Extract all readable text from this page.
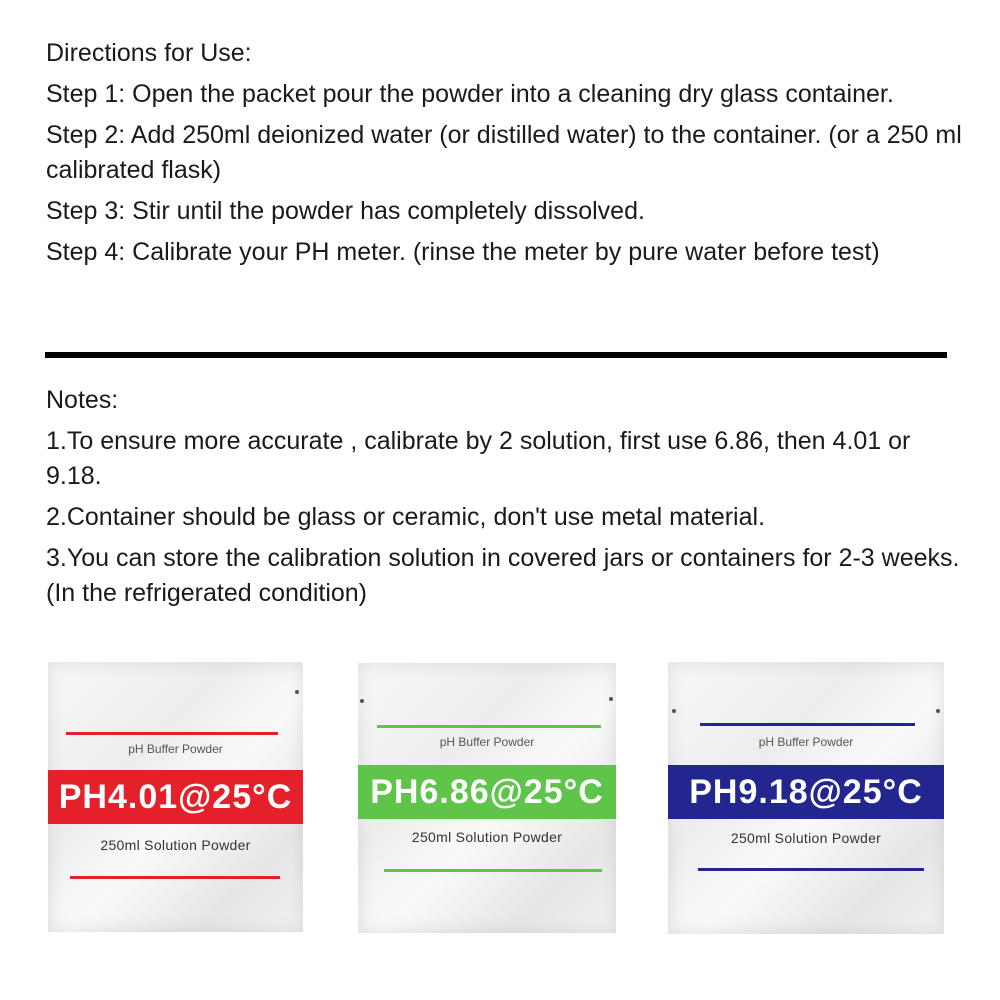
Directions for Use:

Step 1: Open the packet pour the powder into a cleaning dry glass container.

Step 2: Add 250ml deionized water (or distilled water) to the container. (or a 250 ml calibrated flask)

Step 3: Stir until the powder has completely dissolved.

Step 4: Calibrate your PH meter. (rinse the meter by pure water before test)

Notes:

1.To ensure more accurate , calibrate by 2 solution, first use 6.86, then 4.01 or 9.18.

2.Container should be glass or ceramic, don't use metal material.

3.You can store the calibration solution in covered jars or containers for 2-3 weeks. (In the refrigerated condition)

pH Buffer Powder
PH4.01@25°C
250ml Solution Powder
pH Buffer Powder
PH6.86@25°C
250ml Solution Powder
pH Buffer Powder
PH9.18@25°C
250ml Solution Powder
